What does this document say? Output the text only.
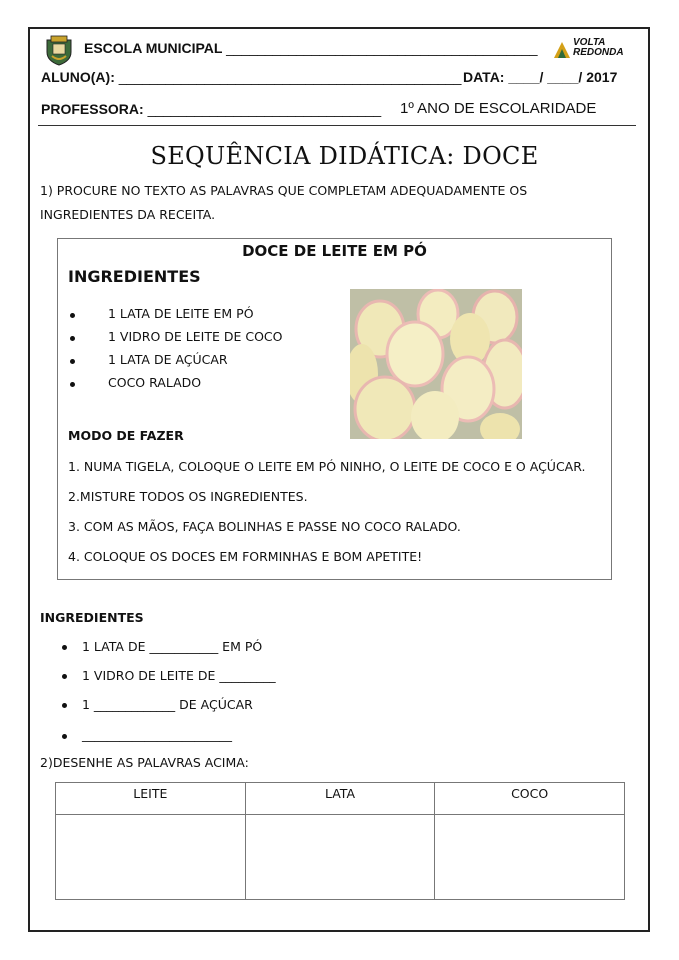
ESCOLA MUNICIPAL ________________________________________	VOLTA
REDONDA
ALUNO(A): ____________________________________________ DATA: ____/ ____/ 2017
PROFESSORA: ______________________________ 1º ANO DE ESCOLARIDADE
SEQUÊNCIA DIDÁTICA: DOCE
1) PROCURE NO TEXTO AS PALAVRAS QUE COMPLETAM ADEQUADAMENTE OS
INGREDIENTES DA RECEITA.
DOCE DE LEITE EM PÓ
INGREDIENTES
1 LATA DE LEITE EM PÓ
1 VIDRO DE LEITE DE COCO
1 LATA DE AÇÚCAR
COCO RALADO
MODO DE FAZER
1. NUMA TIGELA, COLOQUE O LEITE EM PÓ NINHO, O LEITE DE COCO E O AÇÚCAR.
2.MISTURE TODOS OS INGREDIENTES.
3. COM AS MÃOS, FAÇA BOLINHAS E PASSE NO COCO RALADO.
4. COLOQUE OS DOCES EM FORMINHAS E BOM APETITE!
INGREDIENTES
1 LATA DE ___________ EM PÓ
1 VIDRO DE LEITE DE _________
1 _____________ DE AÇÚCAR
________________________
2)DESENHE AS PALAVRAS ACIMA:
LEITE	LATA	COCO
